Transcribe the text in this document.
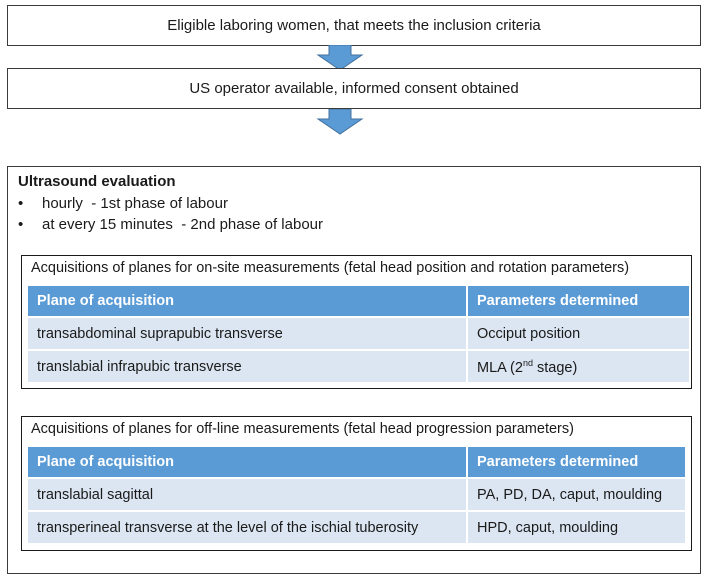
Eligible laboring women, that meets the inclusion criteria
US operator available, informed consent obtained
Ultrasound evaluation
• hourly  - 1st phase of labour
• at every 15 minutes  - 2nd phase of labour
Acquisitions of planes for on-site measurements (fetal head position and rotation parameters)
Plane of acquisition	Parameters determined
transabdominal suprapubic transverse	Occiput position
translabial infrapubic transverse	MLA (2nd stage)
Acquisitions of planes for off-line measurements (fetal head progression parameters)
Plane of acquisition	Parameters determined
translabial sagittal	PA, PD, DA, caput, moulding
transperineal transverse at the level of the ischial tuberosity	HPD, caput, moulding
